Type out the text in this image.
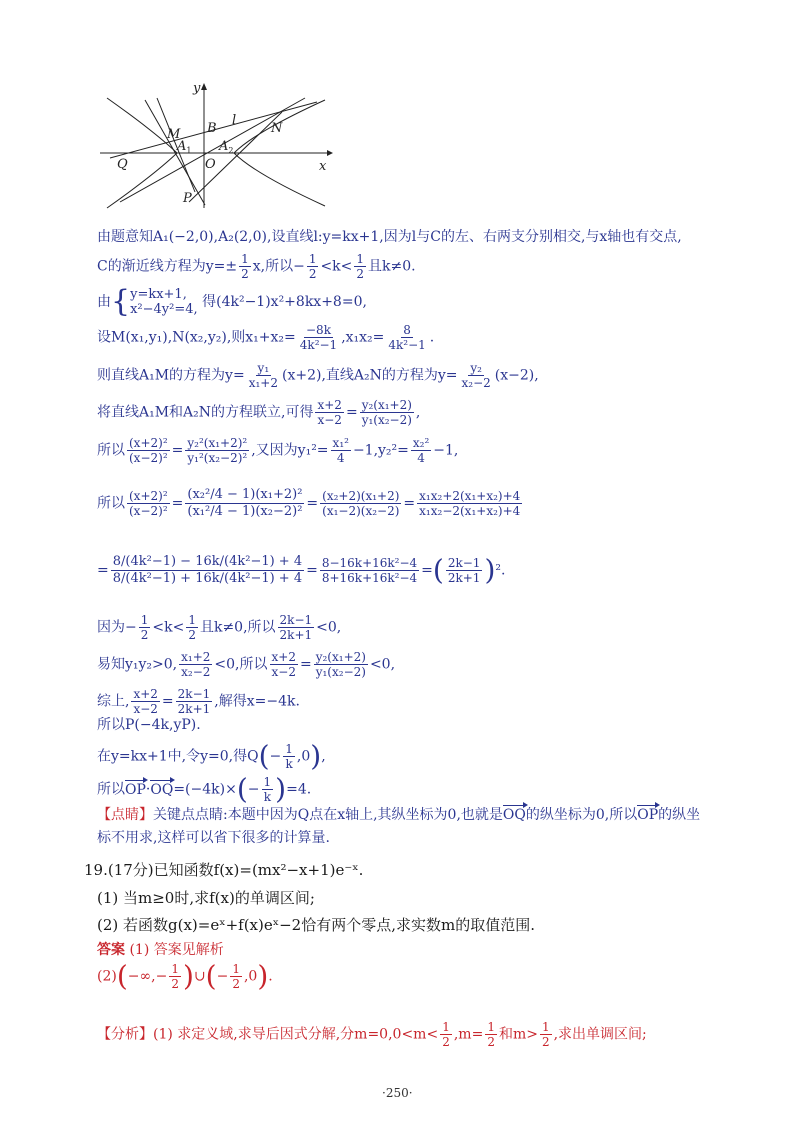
y
x
B
l
N
M
$A_1$ $A_2$
Q	O
P
由题意知A₁(−2,0),A₂(2,0),设直线l:y=kx+1,因为l与C的左、右两支分别相交,与x轴也有交点,
C的渐近线方程为$y=\pm \frac{1}{2} x$,所以− $\frac{1}{2} <k< \frac{1}{2}$ 且k≠0.
由{ y=kx+1,
x²−4y²=4, 得(4k²−1)x²+8kx+8=0,
设M(x₁,y₁),N(x₂,y₂),则$x_1+x_2= \frac{-8k}{\text{4k²−1}} ,x_1x_2= \frac{8}{\text{4k²−1}}$ .
则直线A₁M的方程为$y= \frac{\text{y₁}}{\text{x₁+2}} (x+2)$,直线A₂N的方程为$y= \frac{\text{y₂}}{\text{x₂−2}} (x-2)$,
将直线A₁M和A₂N的方程联立,可得 $\frac{x+2}{x-2} = \frac{\text{y₂(x₁+2)}}{\text{y₁(x₂−2)}}$ ,
所以 $\frac{\text{(x+2)²}}{\text{(x−2)²}} = \frac{\text{y₂²(x₁+2)²}}{\text{y₁²(x₂−2)²}}$ ,又因为$y_1^2= \frac{\text{x₁²}}{4} -1,y_2^2= \frac{\text{x₂²}}{4} -1$,
所以 $\frac{\text{(x+2)²}}{\text{(x−2)²}} = \frac{\text{(x₂²/4 − 1)(x₁+2)²}}{\text{(x₁²/4 − 1)(x₂−2)²}} = \frac{\text{(x₂+2)(x₁+2)}}{\text{(x₁−2)(x₂−2)}} = \frac{\text{x₁x₂+2(x₁+x₂)+4}}{\text{x₁x₂−2(x₁+x₂)+4}}$
= $\frac{\text{8/(4k²−1) − 16k/(4k²−1) + 4}}{\text{8/(4k²−1) + 16k/(4k²−1) + 4}} = \frac{\text{8−16k+16k²−4}}{\text{8+16k+16k²−4}}$ =( $\frac{2k-1}{2k+1} )^2$.
因为− $\frac{1}{2} <k< \frac{1}{2}$ 且k≠0,所以 $\frac{2k-1}{2k+1} <0$,
易知y₁y₂>0, $\frac{\text{x₁+2}}{\text{x₂−2}} <0$,所以 $\frac{x+2}{x-2} = \frac{\text{y₂(x₁+2)}}{\text{y₁(x₂−2)}} <0$,
综上, $\frac{x+2}{x-2} = \frac{2k-1}{2k+1}$ ,解得x=−4k.
所以P(−4k,yP).
在y=kx+1中,令y=0,得$Q(- \frac{1}{k} ,0)$,
所以$OP\cdot OQ=(-4k)\times(- \frac{1}{k} )=4$.
【点睛】关键点点睛:本题中因为Q点在x轴上,其纵坐标为0,也就是OQ的纵坐标为0,所以OP的纵坐
标不用求,这样可以省下很多的计算量.
19.(17分)已知函数f(x)=(mx²−x+1)e⁻ˣ.
(1) 当m≥0时,求f(x)的单调区间;
(2) 若函数g(x)=eˣ+f(x)eˣ−2恰有两个零点,求实数m的取值范围.
答案 (1) 答案见解析
$(2)(-\infty,- \frac{1}{2}$ )∪(− $\frac{1}{2} ,0$).
【分析】(1) 求定义域,求导后因式分解,分$m=0,0<m< \frac{1}{2} ,m= \frac{1}{2}$ 和$m> \frac{1}{2}$ ,求出单调区间;
·250·
